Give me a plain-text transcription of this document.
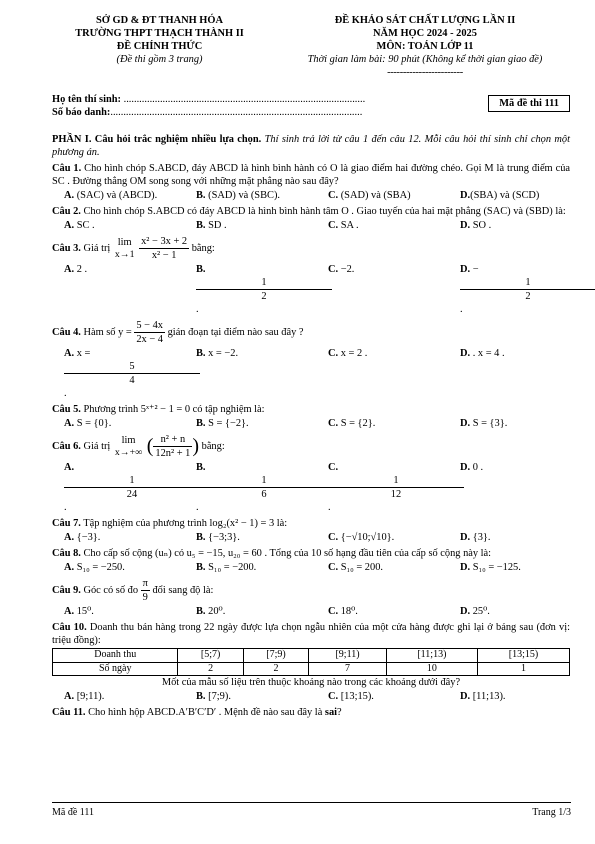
SỞ GD & ĐT THANH HÓA
TRƯỜNG THPT THẠCH THÀNH II
ĐỀ CHÍNH THỨC
(Đề thi gồm 3 trang)
ĐỀ KHẢO SÁT CHẤT LƯỢNG LẦN II
NĂM HỌC 2024 - 2025
MÔN: TOÁN LỚP 11
Thời gian làm bài: 90 phút (Không kể thời gian giao đề)
------------------------
Họ tên thí sinh: .............................................................................................
Số báo danh:.................................................................................................
Mã đề thi 111

PHẦN I. Câu hỏi trắc nghiệm nhiều lựa chọn. Thí sinh trả lời từ câu 1 đến câu 12. Mỗi câu hỏi thí sinh chỉ chọn một phương án.

Câu 1. Cho hình chóp S.ABCD, đáy ABCD là hình bình hành có O là giao điểm hai đường chéo. Gọi M là trung điểm của SC . Đường thẳng OM song song với những mặt phẳng nào sau đây?

A. (SAC) và (ABCD).	B. (SAD) và (SBC).	C. (SAD) và (SBA)	D.(SBA) và (SCD)

Câu 2. Cho hình chóp S.ABCD có đáy ABCD là hình bình hành tâm O . Giao tuyến của hai mặt phẳng (SAC) và (SBD) là:

A. SC .	B. SD .	C. SA .	D. SO .

Câu 3. Giá trị
lim
x→1
$\frac{\text{x² − 3x + 2}}{\text{x² − 1}}$ bằng:

A. 2 .	B.
$\frac{1}{2}$
.
C. −2.	D. −
$\frac{1}{2}$
.

Câu 4. Hàm số $y = \frac{5 - 4x}{2x - 4}$ gián đoạn tại điểm nào sau đây ?

A. x =
$\frac{5}{4}$
.
B. x = −2.	C. x = 2 .	D. . x = 4 .

Câu 5. Phương trình 5ˣ⁺² − 1 = 0 có tập nghiệm là:

A. S = {0}.	B. S = {−2}.	C. S = {2}.	D. S = {3}.

Câu 6. Giá trị
lim
x→+∞ ( $\frac{\text{n² + n}}{\text{12n² + 1}}$ ) bằng:

A.
$\frac{1}{24}$
.
B.
$\frac{1}{6}$
.
C.
$\frac{1}{12}$
.
D. 0 .

Câu 7. Tập nghiệm của phương trình log₂(x² − 1) = 3 là:

A. {−3}.	B. {−3;3}.	C. {−√10;√10}.	D. {3}.

Câu 8. Cho cấp số cộng (uₙ) có u₅ = −15, u₂₀ = 60 . Tổng của 10 số hạng đầu tiên của cấp số cộng này là:

A. S₁₀ = −250.	B. S₁₀ = −200.	C. S₁₀ = 200.	D. S₁₀ = −125.

Câu 9. Góc có số đo $\frac{\pi}{9}$ đổi sang độ là:

A. 15⁰.	B. 20⁰.	C. 18⁰.	D. 25⁰.

Câu 10. Doanh thu bán hàng trong 22 ngày được lựa chọn ngẫu nhiên của một cửa hàng được ghi lại ở bảng sau (đơn vị: triệu đồng):

Doanh thu	[5;7)	[7;9)	[9;11)	[11;13)	[13;15)
Số ngày	2	2	7	10	1

Mốt của mẫu số liệu trên thuộc khoảng nào trong các khoảng dưới đây?

A. [9;11).	B. [7;9).	C. [13;15).	D. [11;13).

Câu 11. Cho hình hộp ABCD.A′B′C′D′ . Mệnh đề nào sau đây là sai?

Mã đề 111	Trang 1/3
